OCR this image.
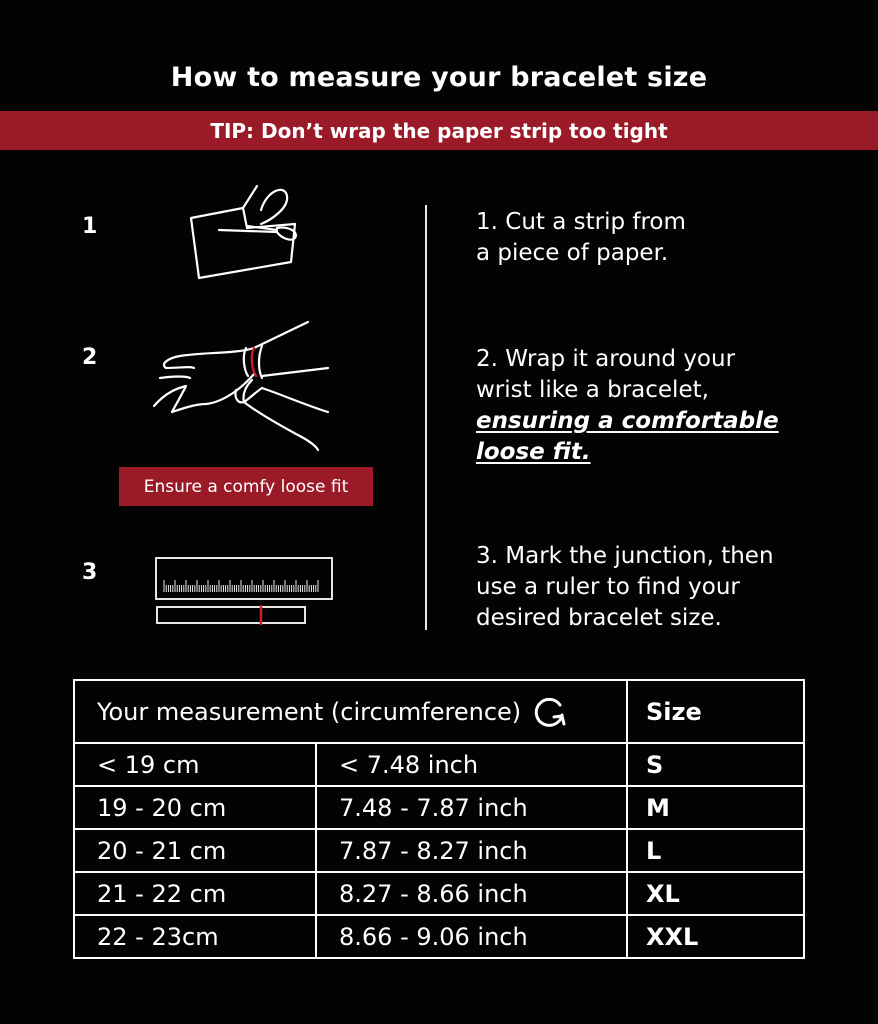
How to measure your bracelet size
TIP: Don’t wrap the paper strip too tight
1
2
3
Ensure a comfy loose fit
1. Cut a strip from
a piece of paper.
2. Wrap it around your
wrist like a bracelet,
ensuring a comfortable
loose fit.
3. Mark the junction, then
use a ruler to find your
desired bracelet size.
Your measurement (circumference)		Size
< 19 cm	< 7.48 inch	S
19 - 20 cm	7.48 - 7.87 inch	M
20 - 21 cm	7.87 - 8.27 inch	L
21 - 22 cm	8.27 - 8.66 inch	XL
22 - 23cm	8.66 - 9.06 inch	XXL
